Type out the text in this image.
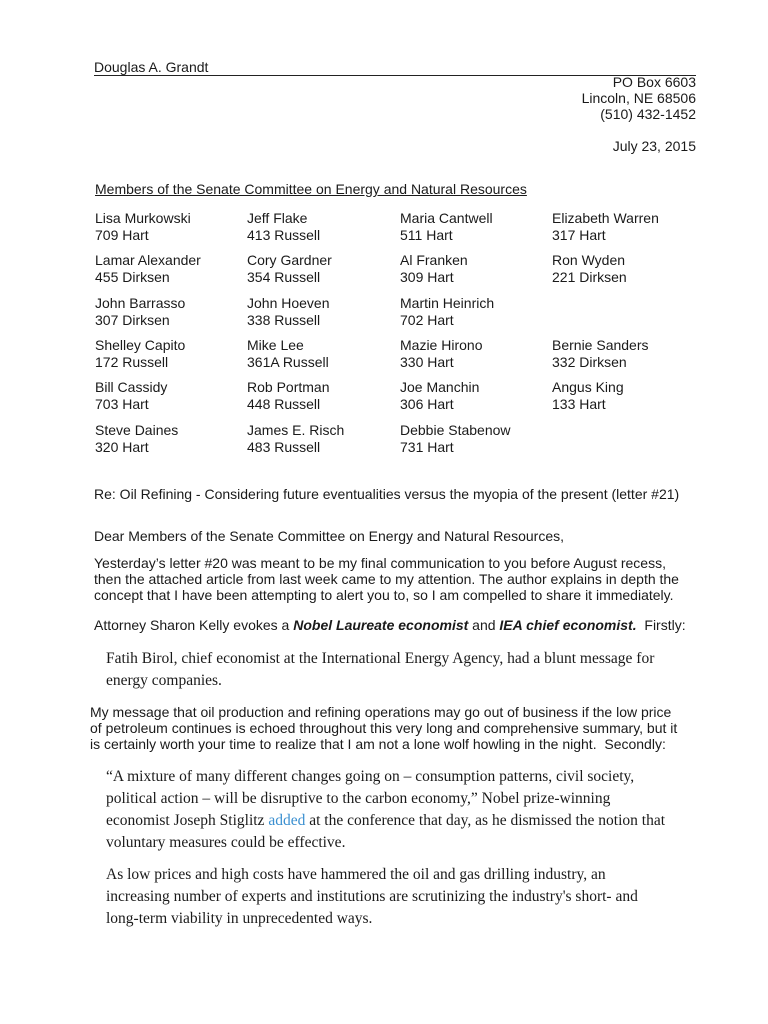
Douglas A. Grandt
PO Box 6603
Lincoln, NE 68506
(510) 432-1452
July 23, 2015
Members of the Senate Committee on Energy and Natural Resources
Lisa Murkowski
709 Hart
Jeff Flake
413 Russell
Maria Cantwell
511 Hart
Elizabeth Warren
317 Hart
Lamar Alexander
455 Dirksen
Cory Gardner
354 Russell
Al Franken
309 Hart
Ron Wyden
221 Dirksen
John Barrasso
307 Dirksen
John Hoeven
338 Russell
Martin Heinrich
702 Hart
Shelley Capito
172 Russell
Mike Lee
361A Russell
Mazie Hirono
330 Hart
Bernie Sanders
332 Dirksen
Bill Cassidy
703 Hart
Rob Portman
448 Russell
Joe Manchin
306 Hart
Angus King
133 Hart
Steve Daines
320 Hart
James E. Risch
483 Russell
Debbie Stabenow
731 Hart
Re: Oil Refining - Considering future eventualities versus the myopia of the present (letter #21)
Dear Members of the Senate Committee on Energy and Natural Resources,
Yesterday’s letter #20 was meant to be my final communication to you before August recess,
then the attached article from last week came to my attention. The author explains in depth the
concept that I have been attempting to alert you to, so I am compelled to share it immediately.
Attorney Sharon Kelly evokes a Nobel Laureate economist and IEA chief economist.  Firstly:
Fatih Birol, chief economist at the International Energy Agency, had a blunt message for
energy companies.
My message that oil production and refining operations may go out of business if the low price
of petroleum continues is echoed throughout this very long and comprehensive summary, but it
is certainly worth your time to realize that I am not a lone wolf howling in the night.  Secondly:
“A mixture of many different changes going on – consumption patterns, civil society,
political action – will be disruptive to the carbon economy,” Nobel prize-winning
economist Joseph Stiglitz added at the conference that day, as he dismissed the notion that
voluntary measures could be effective.
As low prices and high costs have hammered the oil and gas drilling industry, an
increasing number of experts and institutions are scrutinizing the industry's short- and
long-term viability in unprecedented ways.
